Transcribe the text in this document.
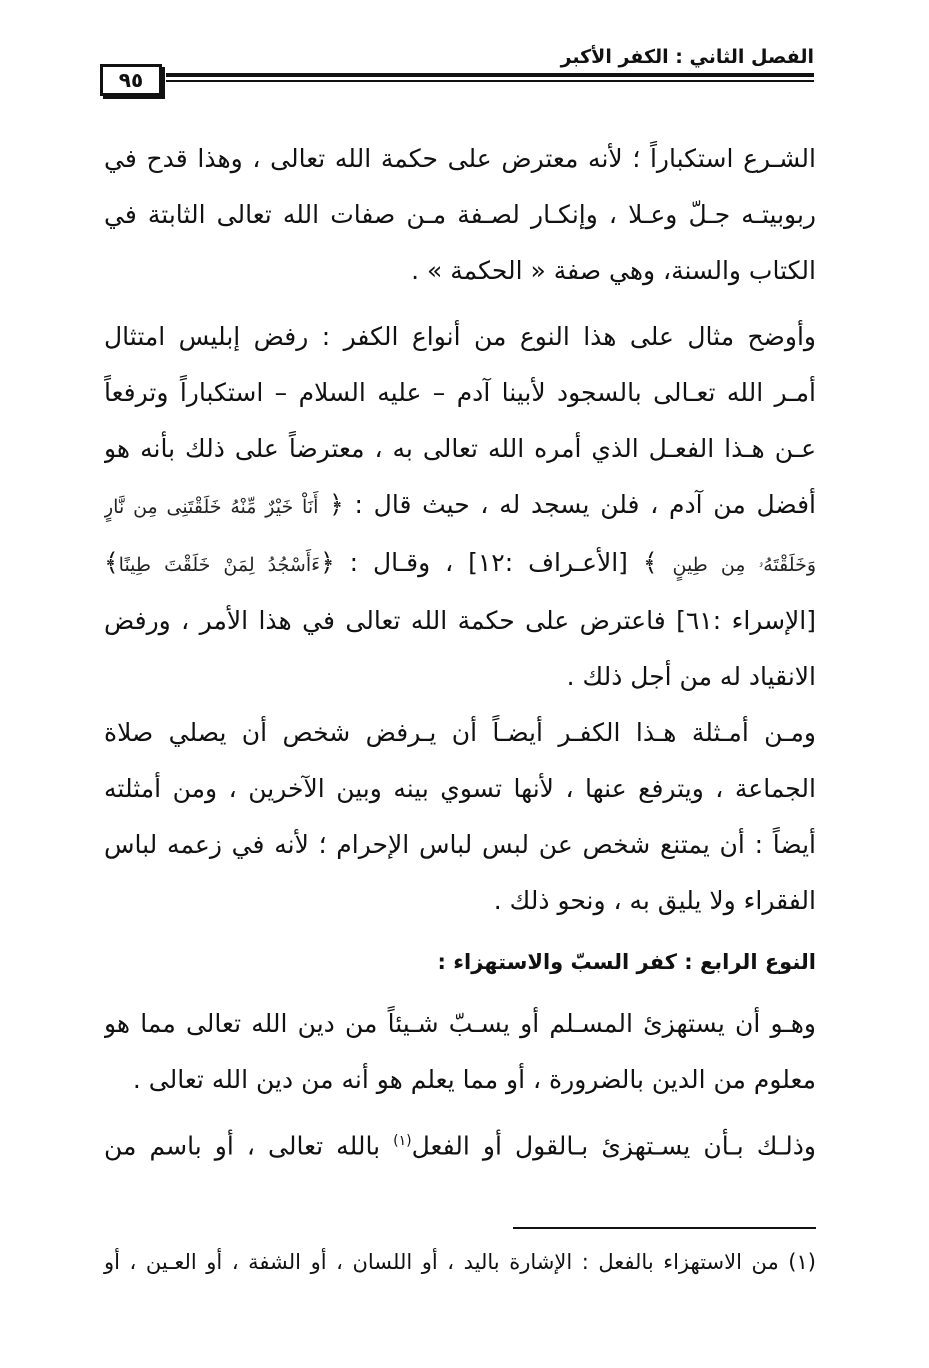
الفصل الثاني : الكفر الأكبر
٩٥
الشـرع استكباراً ؛ لأنه معترض على حكمة الله تعالى ، وهذا قدح في
ربوبيتـه جـلّ وعـلا ، وإنكـار لصـفة مـن صفات الله تعالى الثابتة في
الكتاب والسنة، وهي صفة « الحكمة » .
وأوضح مثال على هذا النوع من أنواع الكفر : رفض إبليس امتثال
أمـر الله تعـالى بالسجود لأبينا آدم – عليه السلام – استكباراً وترفعاً
عـن هـذا الفعـل الذي أمره الله تعالى به ، معترضاً على ذلك بأنه هو
أفضل من آدم ، فلن يسجد له ، حيث قال : ﴿ أَنَاْ خَيْرٌ مِّنْهُ خَلَقْتَنِى مِن نَّارٍ
وَخَلَقْتَهُۥ مِن طِينٍ ﴾ [الأعـراف :١٢] ، وقـال : ﴿ءَأَسْجُدُ لِمَنْ خَلَقْتَ طِينًا﴾
[الإسراء :٦١] فاعترض على حكمة الله تعالى في هذا الأمر ، ورفض
الانقياد له من أجل ذلك .
ومـن أمـثلة هـذا الكفـر أيضـاً أن يـرفض شخص أن يصلي صلاة
الجماعة ، ويترفع عنها ، لأنها تسوي بينه وبين الآخرين ، ومن أمثلته
أيضاً : أن يمتنع شخص عن لبس لباس الإحرام ؛ لأنه في زعمه لباس
الفقراء ولا يليق به ، ونحو ذلك .
النوع الرابع : كفر السبّ والاستهزاء :
وهـو أن يستهزئ المسـلم أو يسـبّ شـيئاً من دين الله تعالى مما هو
معلوم من الدين بالضرورة ، أو مما يعلم هو أنه من دين الله تعالى .
وذلـك بـأن يسـتهزئ بـالقول أو الفعل$^{(١)}$ بالله تعالى ، أو باسم من
(١) من الاستهزاء بالفعل : الإشارة باليد ، أو اللسان ، أو الشفة ، أو العـين ، أو
